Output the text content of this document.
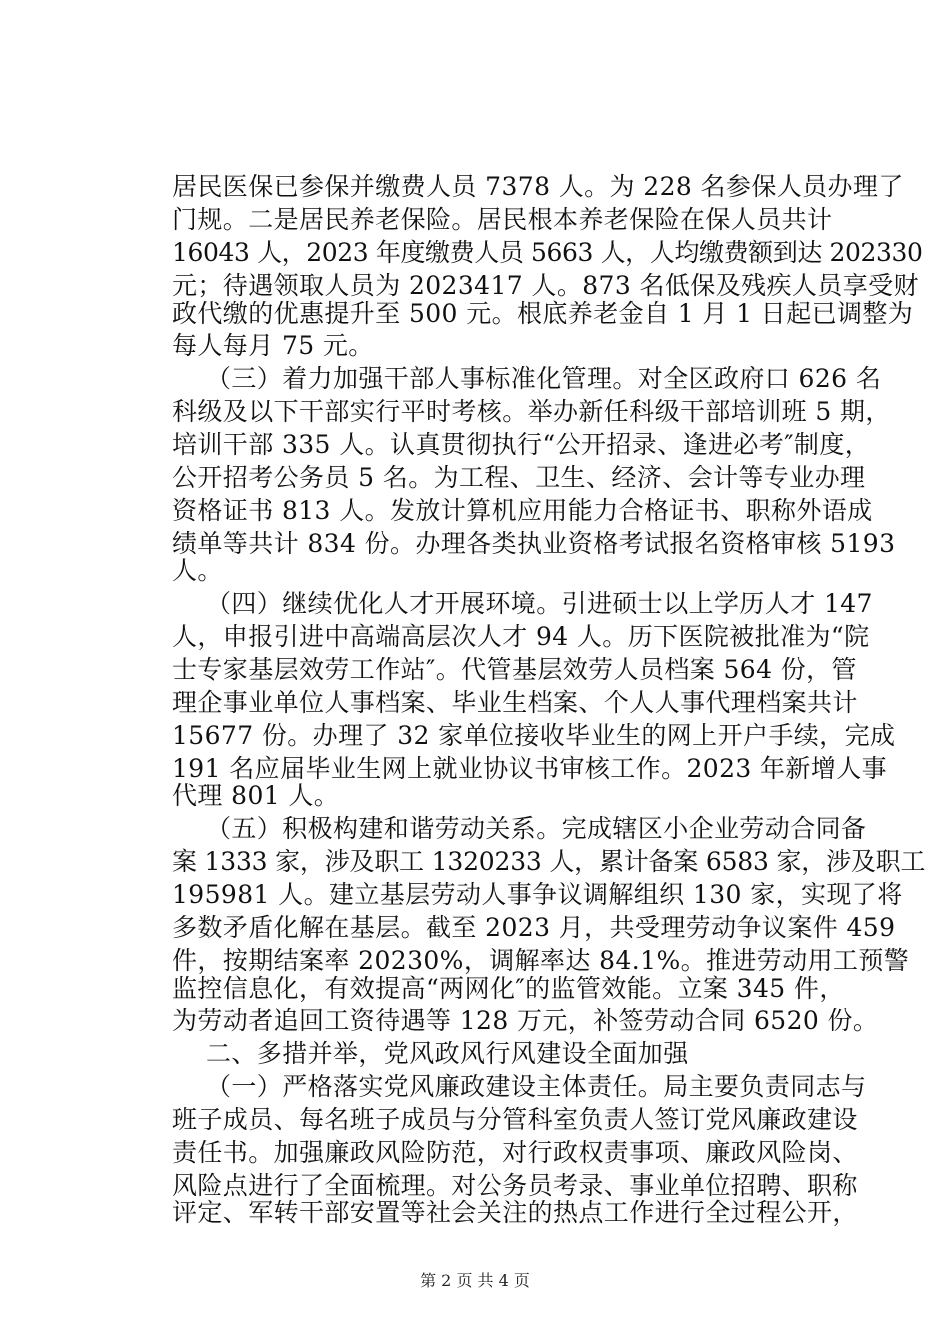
居民医保已参保并缴费人员 7378 人。为 228 名参保人员办理了
门规。二是居民养老保险。居民根本养老保险在保人员共计
16043 人，2023 年度缴费人员 5663 人，人均缴费额到达 202330
元；待遇领取人员为 2023417 人。873 名低保及残疾人员享受财
政代缴的优惠提升至 500 元。根底养老金自 1 月 1 日起已调整为
每人每月 75 元。
（三）着力加强干部人事标准化管理。对全区政府口 626 名
科级及以下干部实行平时考核。举办新任科级干部培训班 5 期，
培训干部 335 人。认真贯彻执行“公开招录、逢进必考″制度，
公开招考公务员 5 名。为工程、卫生、经济、会计等专业办理
资格证书 813 人。发放计算机应用能力合格证书、职称外语成
绩单等共计 834 份。办理各类执业资格考试报名资格审核 5193
人。
（四）继续优化人才开展环境。引进硕士以上学历人才 147
人，申报引进中高端高层次人才 94 人。历下医院被批准为“院
士专家基层效劳工作站″。代管基层效劳人员档案 564 份，管
理企事业单位人事档案、毕业生档案、个人人事代理档案共计
15677 份。办理了 32 家单位接收毕业生的网上开户手续，完成
191 名应届毕业生网上就业协议书审核工作。2023 年新增人事
代理 801 人。
（五）积极构建和谐劳动关系。完成辖区小企业劳动合同备
案 1333 家，涉及职工 1320233 人，累计备案 6583 家，涉及职工
195981 人。建立基层劳动人事争议调解组织 130 家，实现了将
多数矛盾化解在基层。截至 2023 月，共受理劳动争议案件 459
件，按期结案率 20230%，调解率达 84.1%。推进劳动用工预警
监控信息化，有效提高“两网化″的监管效能。立案 345 件，
为劳动者追回工资待遇等 128 万元，补签劳动合同 6520 份。
二、多措并举，党风政风行风建设全面加强
（一）严格落实党风廉政建设主体责任。局主要负责同志与
班子成员、每名班子成员与分管科室负责人签订党风廉政建设
责任书。加强廉政风险防范，对行政权责事项、廉政风险岗、
风险点进行了全面梳理。对公务员考录、事业单位招聘、职称
评定、军转干部安置等社会关注的热点工作进行全过程公开，
第 2 页 共 4 页
